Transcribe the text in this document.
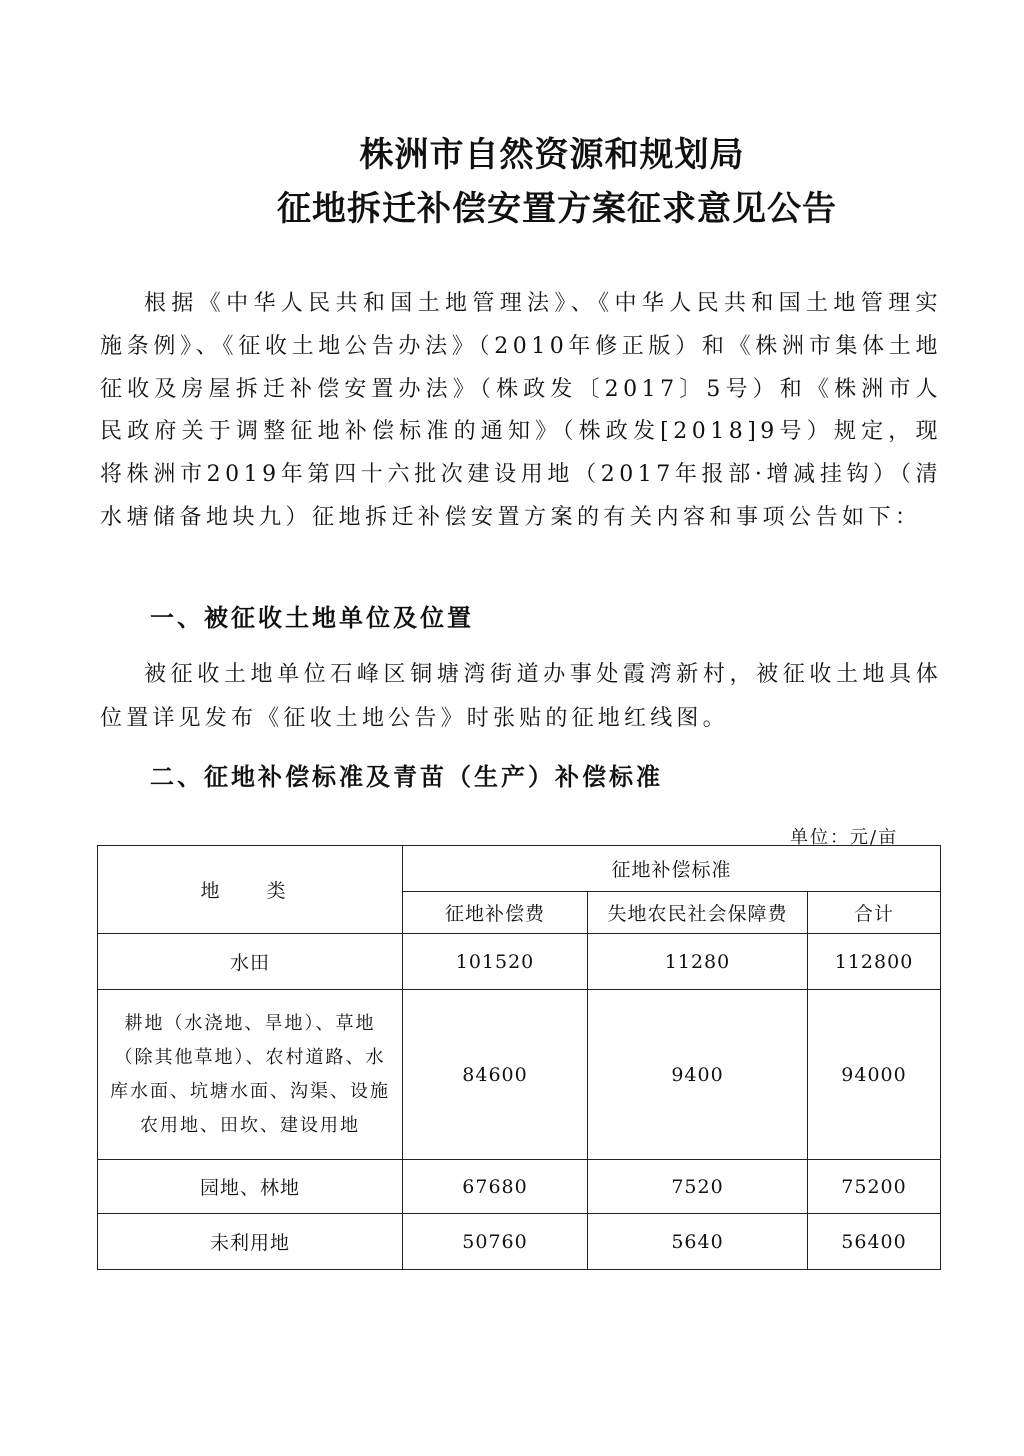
株洲市自然资源和规划局
征地拆迁补偿安置方案征求意见公告

根据《中华人民共和国土地管理法》、《中华人民共和国土地管理实施条例》、《征收土地公告办法》（2010年修正版）和《株洲市集体土地征收及房屋拆迁补偿安置办法》（株政发〔2017〕5号）和《株洲市人民政府关于调整征地补偿标准的通知》（株政发[2018]9号）规定，现将株洲市2019年第四十六批次建设用地（2017年报部·增减挂钩）（清水塘储备地块九）征地拆迁补偿安置方案的有关内容和事项公告如下：

一、被征收土地单位及位置

被征收土地单位石峰区铜塘湾街道办事处霞湾新村，被征收土地具体位置详见发布《征收土地公告》时张贴的征地红线图。

二、征地补偿标准及青苗（生产）补偿标准
单位：元/亩
地　类	征地补偿标准		
	征地补偿费	失地农民社会保障费	合计
水田	101520	11280	112800
耕地（水浇地、旱地）、草地（除其他草地）、农村道路、水库水面、坑塘水面、沟渠、设施农用地、田坎、建设用地	84600	9400	94000
园地、林地	67680	7520	75200
未利用地	50760	5640	56400
